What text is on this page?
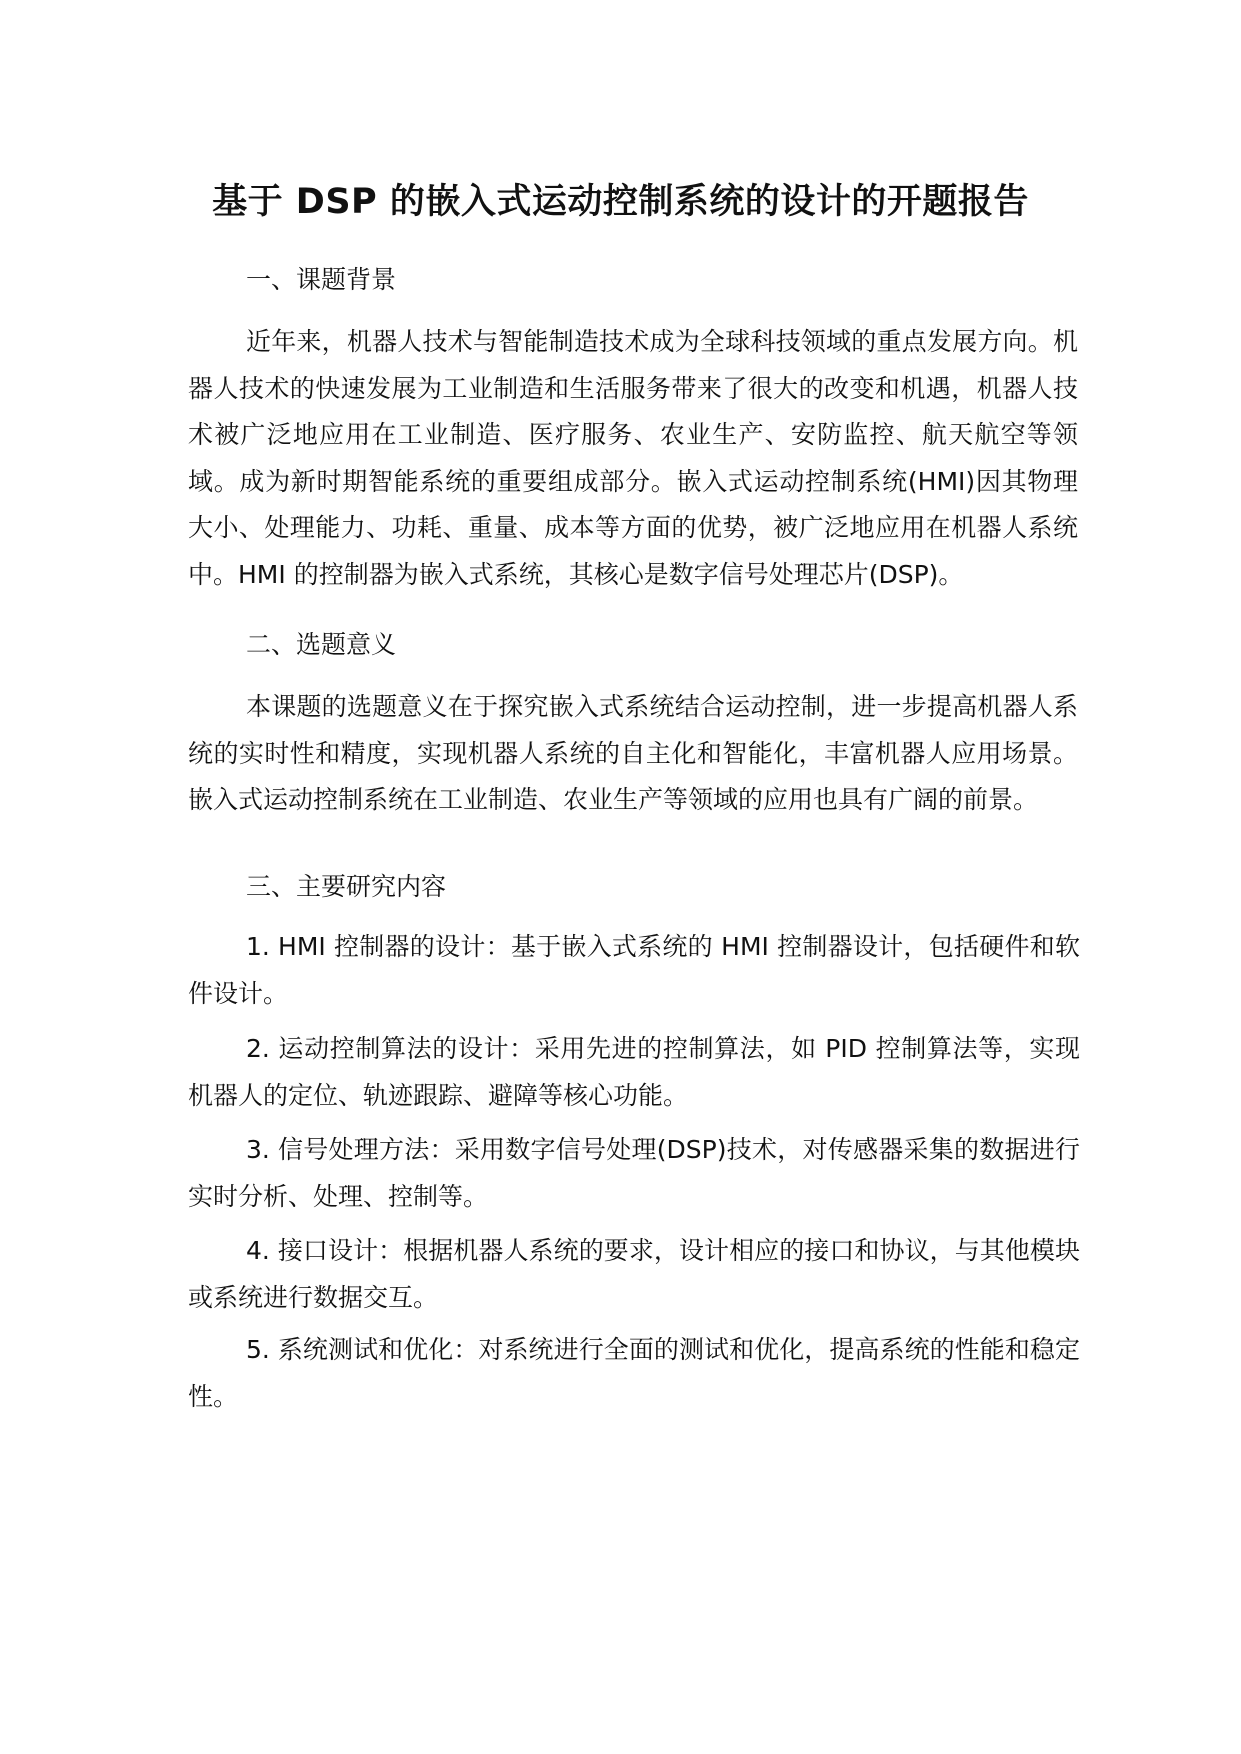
基于 DSP 的嵌入式运动控制系统的设计的开题报告
一、课题背景

近年来，机器人技术与智能制造技术成为全球科技领域的重点发展方向。机器人技术的快速发展为工业制造和生活服务带来了很大的改变和机遇，机器人技术被广泛地应用在工业制造、医疗服务、农业生产、安防监控、航天航空等领域。成为新时期智能系统的重要组成部分。嵌入式运动控制系统(HMI)因其物理大小、处理能力、功耗、重量、成本等方面的优势，被广泛地应用在机器人系统中。HMI 的控制器为嵌入式系统，其核心是数字信号处理芯片(DSP)。

二、选题意义

本课题的选题意义在于探究嵌入式系统结合运动控制，进一步提高机器人系统的实时性和精度，实现机器人系统的自主化和智能化，丰富机器人应用场景。嵌入式运动控制系统在工业制造、农业生产等领域的应用也具有广阔的前景。

三、主要研究内容

1. HMI 控制器的设计：基于嵌入式系统的 HMI 控制器设计，包括硬件和软件设计。

2. 运动控制算法的设计：采用先进的控制算法，如 PID 控制算法等，实现机器人的定位、轨迹跟踪、避障等核心功能。

3. 信号处理方法：采用数字信号处理(DSP)技术，对传感器采集的数据进行实时分析、处理、控制等。

4. 接口设计：根据机器人系统的要求，设计相应的接口和协议，与其他模块或系统进行数据交互。

5. 系统测试和优化：对系统进行全面的测试和优化，提高系统的性能和稳定性。
